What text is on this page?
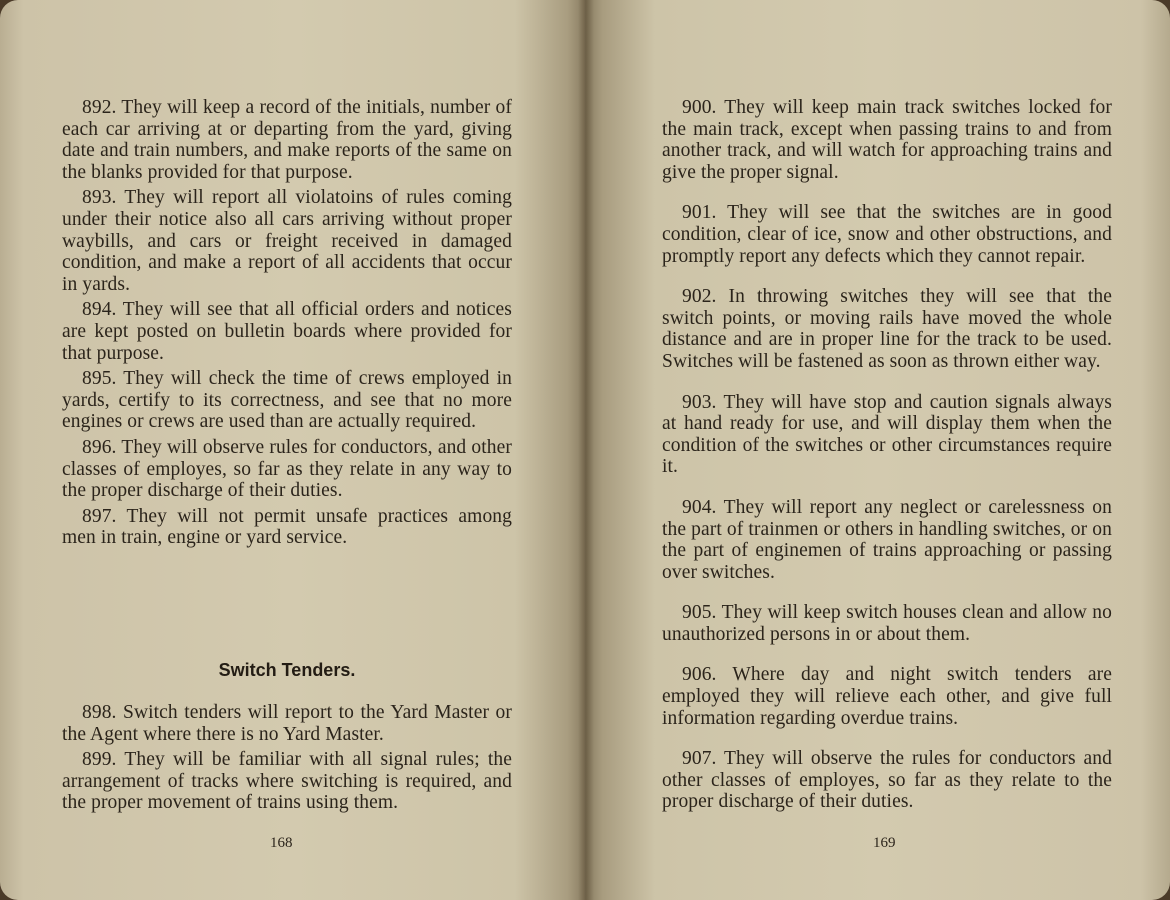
892. They will keep a record of the initials, number of each car arriving at or departing from the yard, giving date and train numbers, and make reports of the same on the blanks provided for that purpose.

893. They will report all violatoins of rules coming under their notice also all cars arriving without proper waybills, and cars or freight received in damaged condition, and make a report of all accidents that occur in yards.

894. They will see that all official orders and notices are kept posted on bulletin boards where provided for that purpose.

895. They will check the time of crews employed in yards, certify to its correctness, and see that no more engines or crews are used than are actually required.

896. They will observe rules for conductors, and other classes of employes, so far as they relate in any way to the proper discharge of their duties.

897. They will not permit unsafe practices among men in train, engine or yard service.

Switch Tenders.

898. Switch tenders will report to the Yard Master or the Agent where there is no Yard Master.

899. They will be familiar with all signal rules; the arrangement of tracks where switching is required, and the proper movement of trains using them.

168

900. They will keep main track switches locked for the main track, except when passing trains to and from another track, and will watch for approaching trains and give the proper signal.

901. They will see that the switches are in good condition, clear of ice, snow and other obstructions, and promptly report any defects which they cannot repair.

902. In throwing switches they will see that the switch points, or moving rails have moved the whole distance and are in proper line for the track to be used. Switches will be fastened as soon as thrown either way.

903. They will have stop and caution signals always at hand ready for use, and will display them when the condition of the switches or other circumstances require it.

904. They will report any neglect or carelessness on the part of trainmen or others in handling switches, or on the part of enginemen of trains approaching or passing over switches.

905. They will keep switch houses clean and allow no unauthorized persons in or about them.

906. Where day and night switch tenders are employed they will relieve each other, and give full information regarding overdue trains.

907. They will observe the rules for conductors and other classes of employes, so far as they relate to the proper discharge of their duties.

169
